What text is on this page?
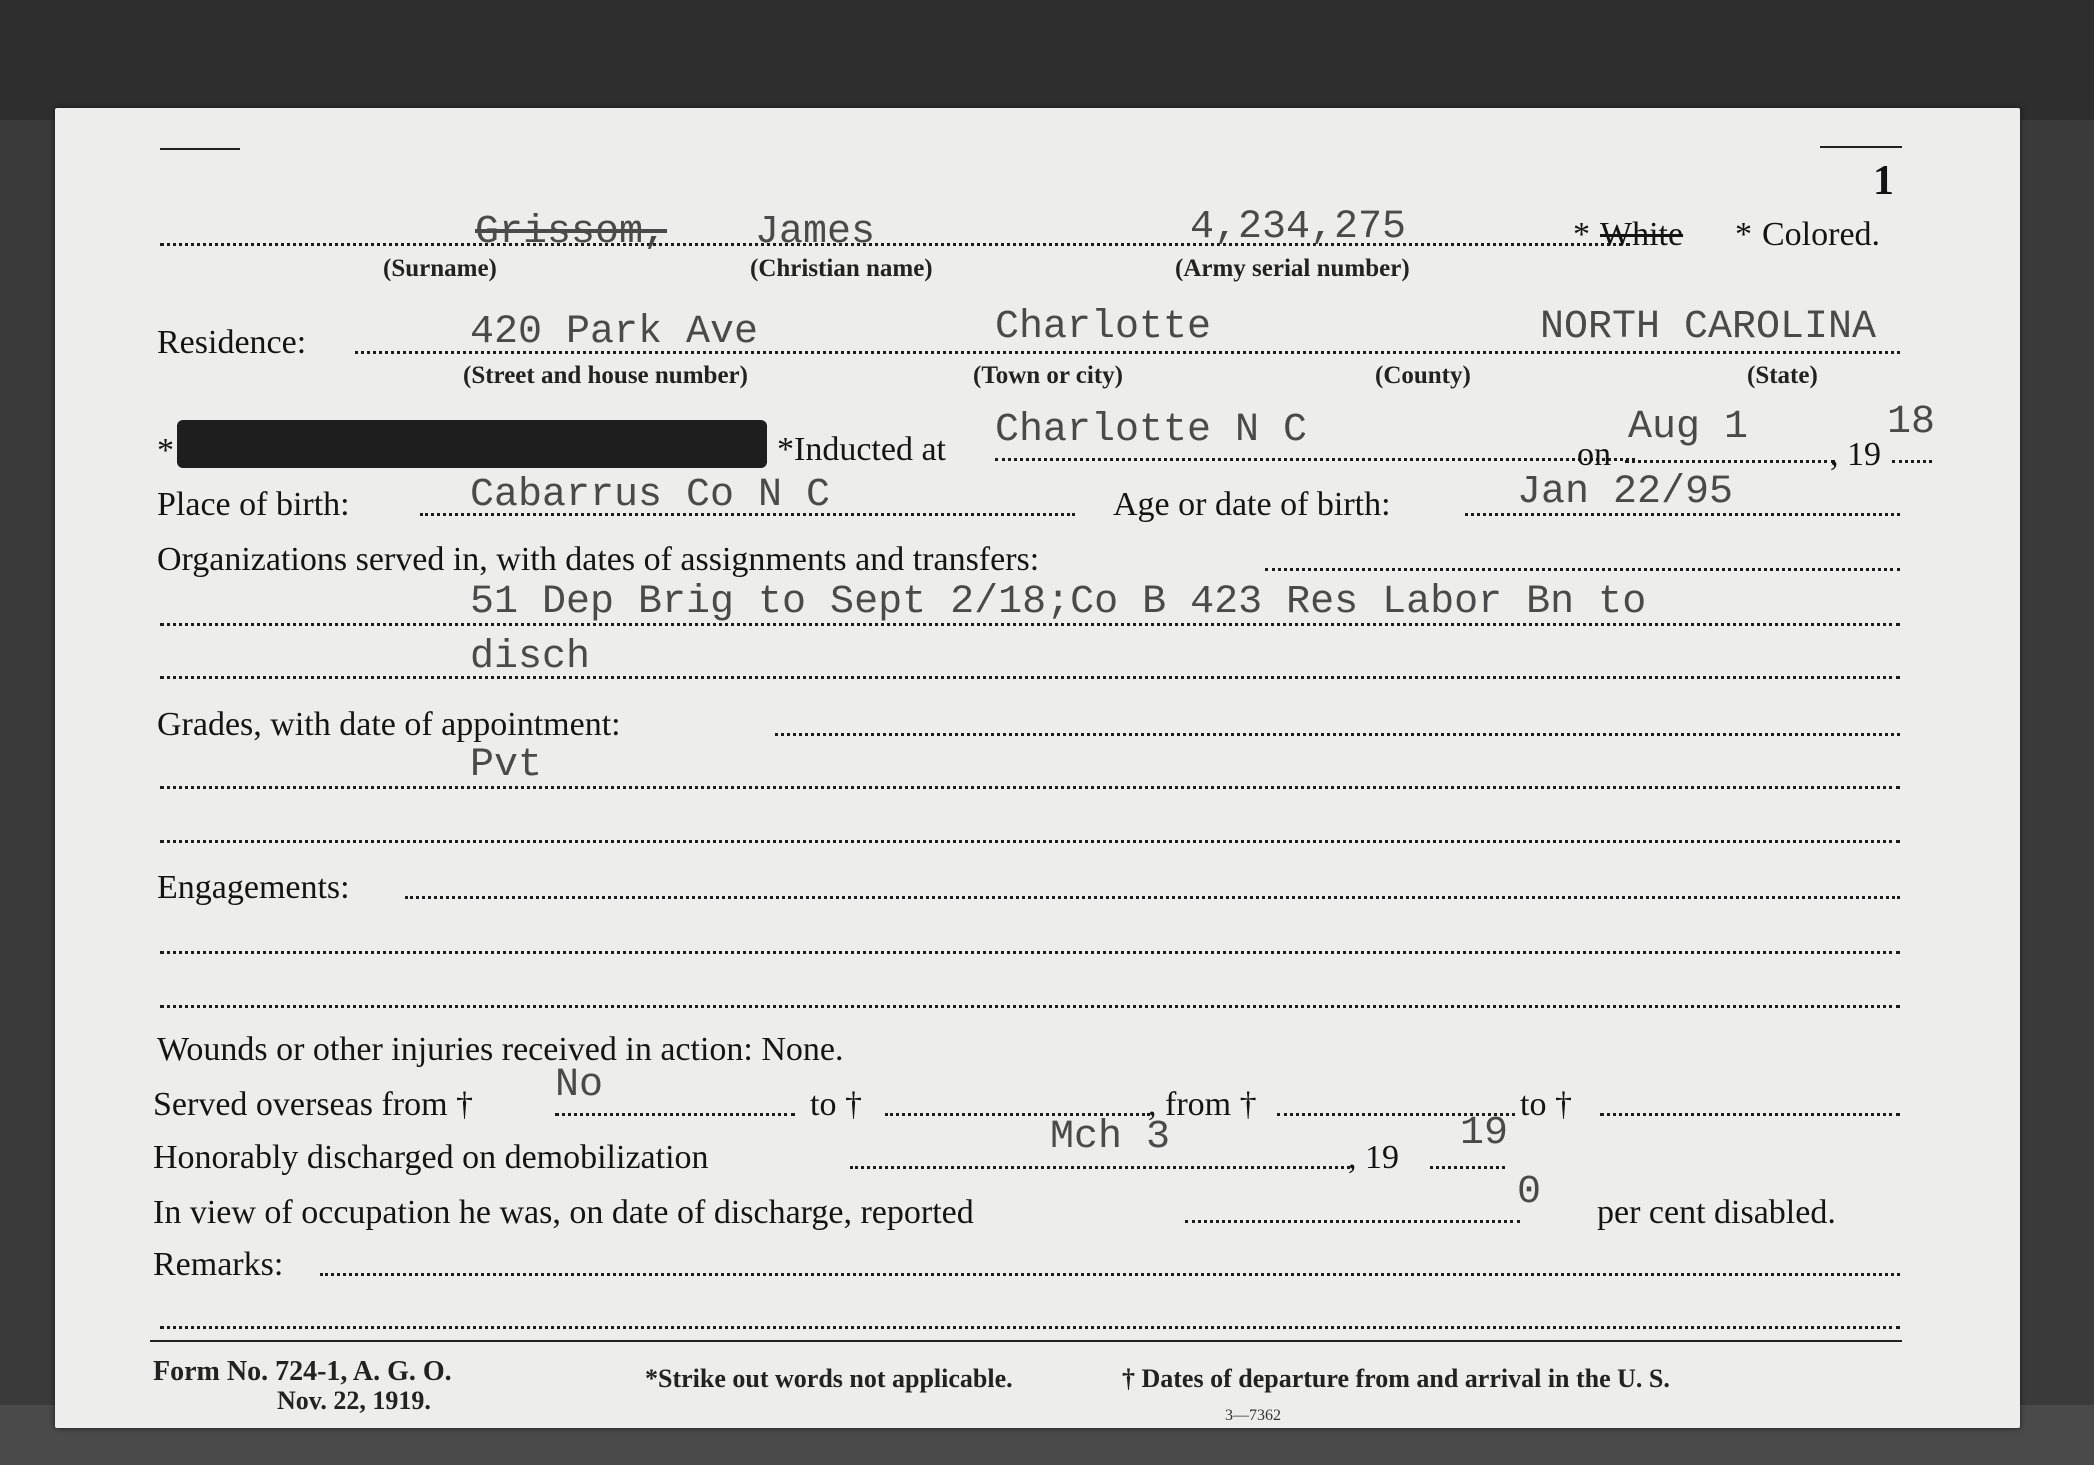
1
Grissom, James	4,234,275	* White * Colored.
(Surname)	(Christian name)	(Army serial number)
Residence:	420 Park Ave	Charlotte	NORTH CAROLINA
(Street and house number)	(Town or city)	(County)	(State)
*	*Inducted at Charlotte N C
on
Aug 1
, 19
18
Place of birth:	Cabarrus Co N C	Age or date of birth:	Jan 22/95
Organizations served in, with dates of assignments and transfers:
51 Dep Brig to Sept 2/18;Co B 423 Res Labor Bn to
disch
Grades, with date of appointment:
Pvt
Engagements:
Wounds or other injuries received in action: None.
Served overseas from † No	to †	, from †	to †
Honorably discharged on demobilization	Mch 3	, 19
19
In view of occupation he was, on date of discharge, reported	0 per cent disabled.
Remarks:
Form No. 724-1, A. G. O.
Nov. 22, 1919.
*Strike out words not applicable.	† Dates of departure from and arrival in the U. S.
3—7362
